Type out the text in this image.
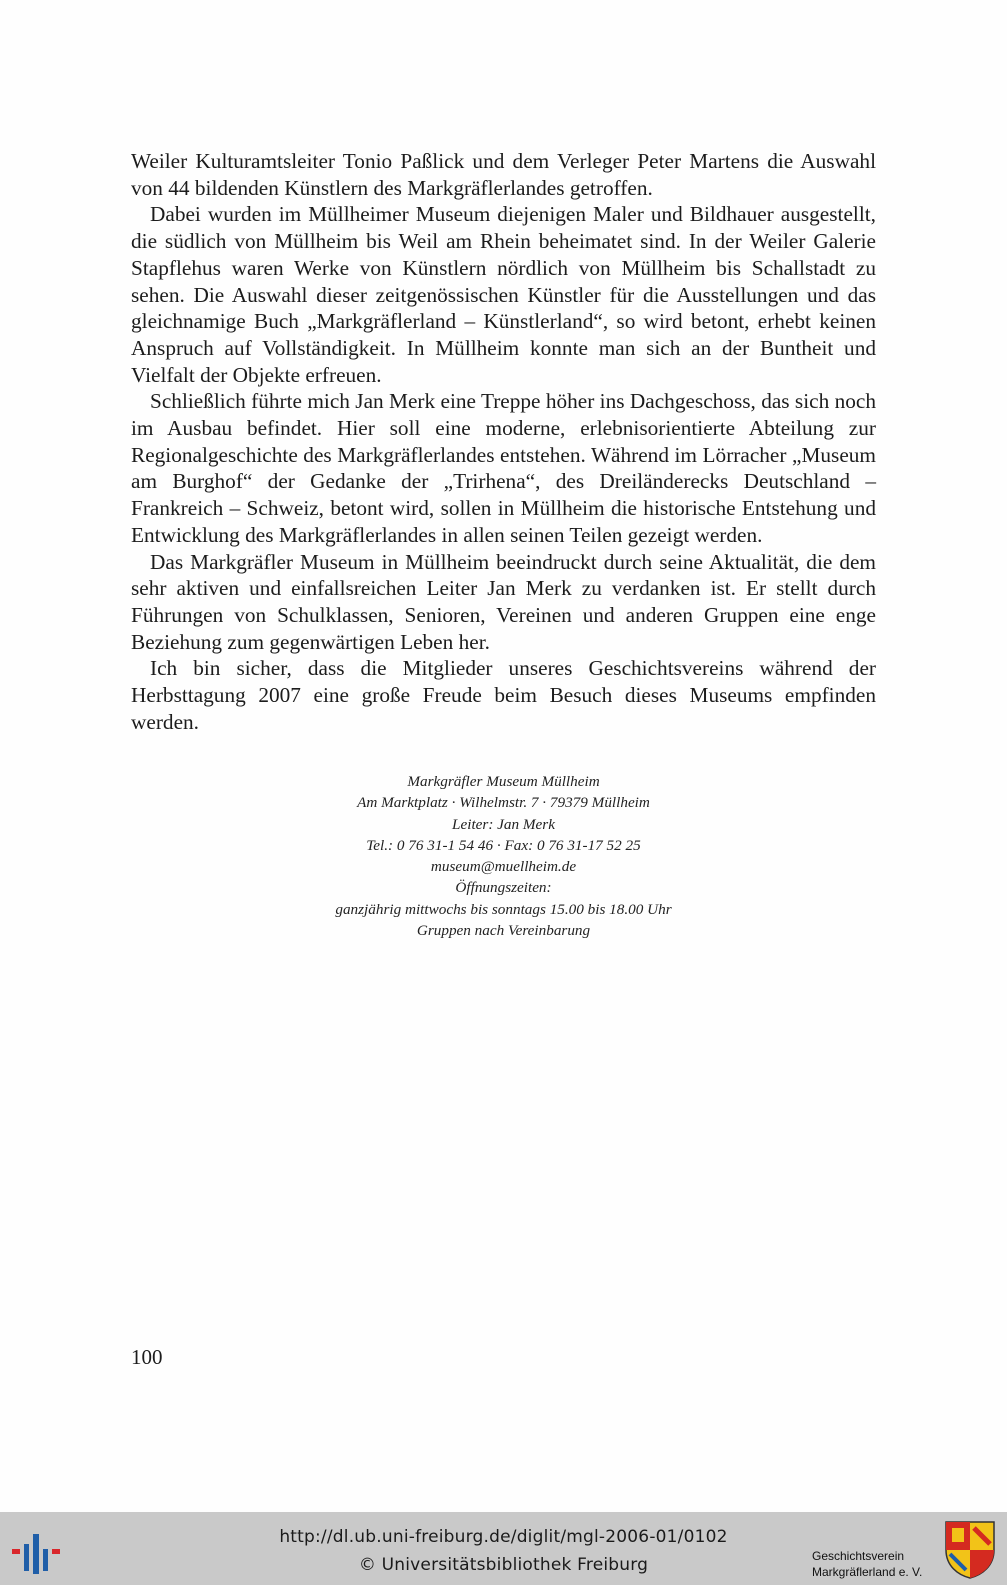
Weiler Kulturamtsleiter Tonio Paßlick und dem Verleger Peter Martens die Auswahl von 44 bildenden Künstlern des Markgräflerlandes getroffen.

Dabei wurden im Müllheimer Museum diejenigen Maler und Bildhauer ausgestellt, die südlich von Müllheim bis Weil am Rhein beheimatet sind. In der Weiler Galerie Stapflehus waren Werke von Künstlern nördlich von Müllheim bis Schallstadt zu sehen. Die Auswahl dieser zeitgenössischen Künstler für die Ausstellungen und das gleichnamige Buch „Markgräflerland – Künstlerland“, so wird betont, erhebt keinen Anspruch auf Vollständigkeit. In Müllheim konnte man sich an der Buntheit und Vielfalt der Objekte erfreuen.

Schließlich führte mich Jan Merk eine Treppe höher ins Dachgeschoss, das sich noch im Ausbau befindet. Hier soll eine moderne, erlebnisorientierte Abteilung zur Regionalgeschichte des Markgräflerlandes entstehen. Während im Lörracher „Museum am Burghof“ der Gedanke der „Trirhena“, des Dreiländerecks Deutschland – Frankreich – Schweiz, betont wird, sollen in Müllheim die historische Entstehung und Entwicklung des Markgräflerlandes in allen seinen Teilen gezeigt werden.

Das Markgräfler Museum in Müllheim beeindruckt durch seine Aktualität, die dem sehr aktiven und einfallsreichen Leiter Jan Merk zu verdanken ist. Er stellt durch Führungen von Schulklassen, Senioren, Vereinen und anderen Gruppen eine enge Beziehung zum gegenwärtigen Leben her.

Ich bin sicher, dass die Mitglieder unseres Geschichtsvereins während der Herbsttagung 2007 eine große Freude beim Besuch dieses Museums empfinden werden.

Markgräfler Museum Müllheim
Am Marktplatz · Wilhelmstr. 7 · 79379 Müllheim
Leiter: Jan Merk
Tel.: 0 76 31-1 54 46 · Fax: 0 76 31-17 52 25
museum@muellheim.de
Öffnungszeiten:
ganzjährig mittwochs bis sonntags 15.00 bis 18.00 Uhr
Gruppen nach Vereinbarung
100
http://dl.ub.uni-freiburg.de/diglit/mgl-2006-01/0102
© Universitätsbibliothek Freiburg	Geschichtsverein
Markgräflerland e. V.
